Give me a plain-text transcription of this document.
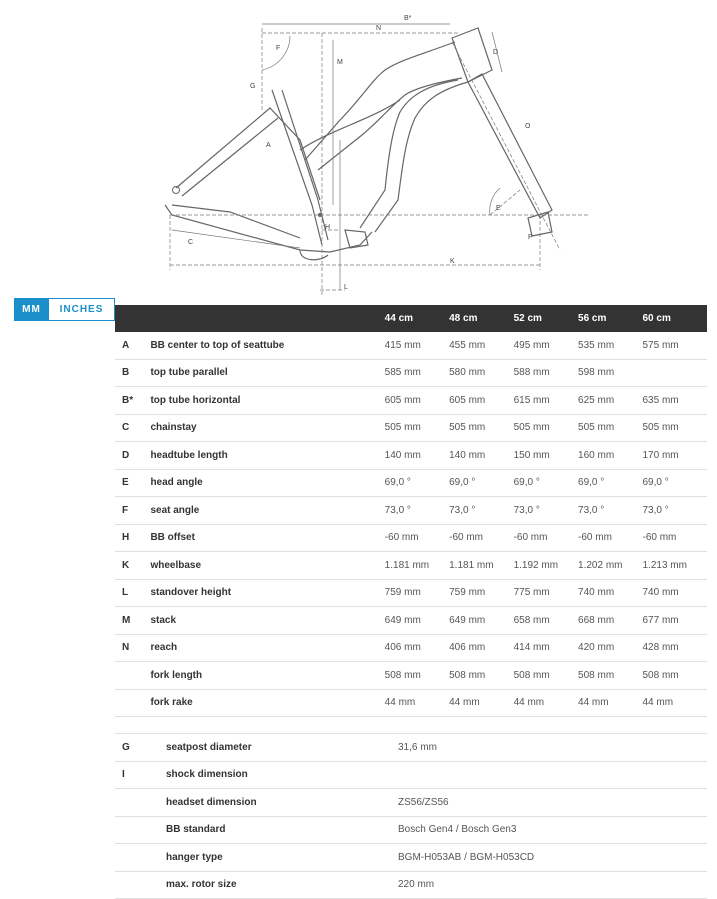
B*
N
F
M
D
O
G
A
E
H
C
P
K
L
MM	INCHES
		44 cm	48 cm	52 cm	56 cm	60 cm
A	BB center to top of seattube	415 mm	455 mm	495 mm	535 mm	575 mm
B	top tube parallel	585 mm	580 mm	588 mm	598 mm	
B*	top tube horizontal	605 mm	605 mm	615 mm	625 mm	635 mm
C	chainstay	505 mm	505 mm	505 mm	505 mm	505 mm
D	headtube length	140 mm	140 mm	150 mm	160 mm	170 mm
E	head angle	69,0 °	69,0 °	69,0 °	69,0 °	69,0 °
F	seat angle	73,0 °	73,0 °	73,0 °	73,0 °	73,0 °
H	BB offset	-60 mm	-60 mm	-60 mm	-60 mm	-60 mm
K	wheelbase	1.181 mm	1.181 mm	1.192 mm	1.202 mm	1.213 mm
L	standover height	759 mm	759 mm	775 mm	740 mm	740 mm
M	stack	649 mm	649 mm	658 mm	668 mm	677 mm
N	reach	406 mm	406 mm	414 mm	420 mm	428 mm
	fork length	508 mm	508 mm	508 mm	508 mm	508 mm
	fork rake	44 mm	44 mm	44 mm	44 mm	44 mm
G	seatpost diameter	31,6 mm
I	shock dimension	
	headset dimension	ZS56/ZS56
	BB standard	Bosch Gen4 / Bosch Gen3
	hanger type	BGM-H053AB / BGM-H053CD
	max. rotor size	220 mm
